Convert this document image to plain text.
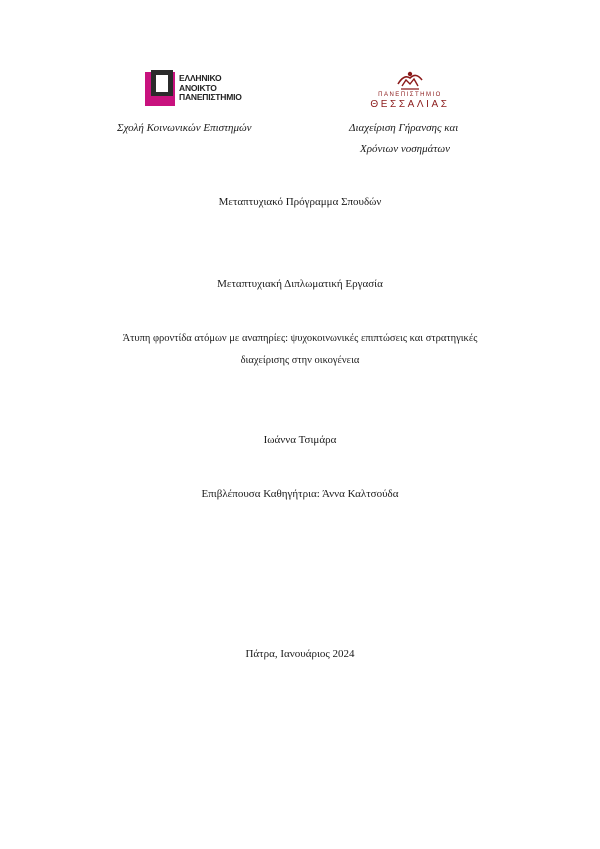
ΕΛΛΗΝΙΚΟ
ΑΝΟΙΚΤΟ
ΠΑΝΕΠΙΣΤΗΜΙΟ	ΠΑΝΕΠΙΣΤΗΜΙΟ
ΘΕΣΣΑΛΙΑΣ
Σχολή Κοινωνικών Επιστημών	Διαχείριση Γήρανσης και
Χρόνιων νοσημάτων
Μεταπτυχιακό Πρόγραμμα Σπουδών
Μεταπτυχιακή Διπλωματική Εργασία
Άτυπη φροντίδα ατόμων με αναπηρίες: ψυχοκοινωνικές επιπτώσεις και στρατηγικές
διαχείρισης στην οικογένεια
Ιωάννα Τσιμάρα
Επιβλέπουσα Καθηγήτρια: Άννα Καλτσούδα
Πάτρα, Ιανουάριος 2024
